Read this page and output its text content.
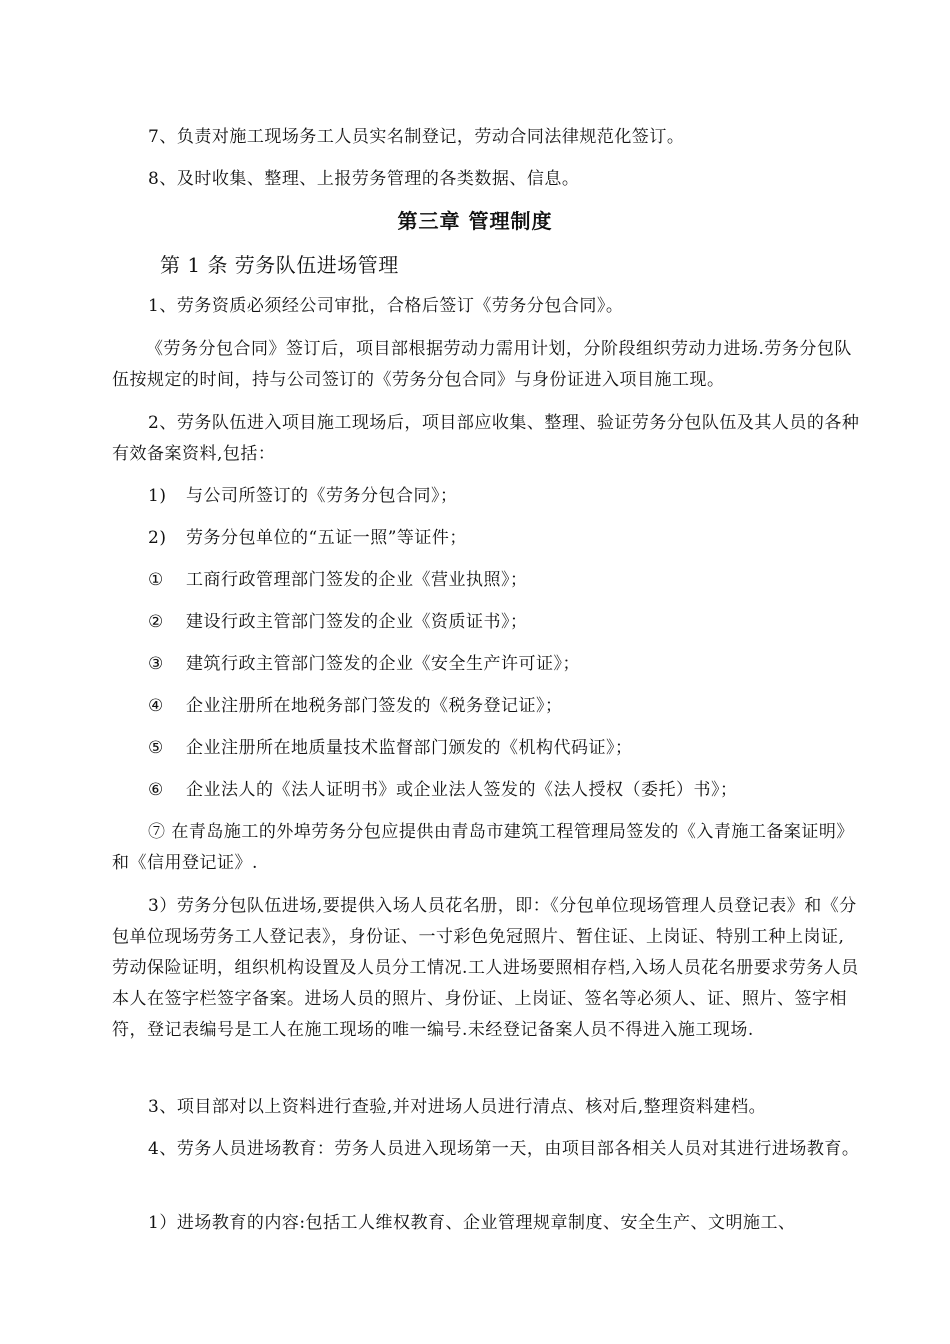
7、负责对施工现场务工人员实名制登记，劳动合同法律规范化签订。

8、及时收集、整理、上报劳务管理的各类数据、信息。

第三章 管理制度
第 1 条 劳务队伍进场管理

1、劳务资质必须经公司审批，合格后签订《劳务分包合同》。

《劳务分包合同》签订后，项目部根据劳动力需用计划，分阶段组织劳动力进场.劳务分包队伍按规定的时间，持与公司签订的《劳务分包合同》与身份证进入项目施工现。

2、劳务队伍进入项目施工现场后，项目部应收集、整理、验证劳务分包队伍及其人员的各种有效备案资料,包括：

1) 与公司所签订的《劳务分包合同》；
2) 劳务分包单位的“五证一照”等证件；
① 工商行政管理部门签发的企业《营业执照》；
② 建设行政主管部门签发的企业《资质证书》；
③ 建筑行政主管部门签发的企业《安全生产许可证》；
④ 企业注册所在地税务部门签发的《税务登记证》；
⑤ 企业注册所在地质量技术监督部门颁发的《机构代码证》；
⑥ 企业法人的《法人证明书》或企业法人签发的《法人授权（委托）书》；

⑦ 在青岛施工的外埠劳务分包应提供由青岛市建筑工程管理局签发的《入青施工备案证明》和《信用登记证》.

3）劳务分包队伍进场,要提供入场人员花名册，即：《分包单位现场管理人员登记表》和《分包单位现场劳务工人登记表》，身份证、一寸彩色免冠照片、暂住证、上岗证、特别工种上岗证,劳动保险证明，组织机构设置及人员分工情况.工人进场要照相存档,入场人员花名册要求劳务人员本人在签字栏签字备案。进场人员的照片、身份证、上岗证、签名等必须人、证、照片、签字相符，登记表编号是工人在施工现场的唯一编号.未经登记备案人员不得进入施工现场.

3、项目部对以上资料进行查验,并对进场人员进行清点、核对后,整理资料建档。

4、劳务人员进场教育：劳务人员进入现场第一天，由项目部各相关人员对其进行进场教育。

1）进场教育的内容:包括工人维权教育、企业管理规章制度、安全生产、文明施工、
